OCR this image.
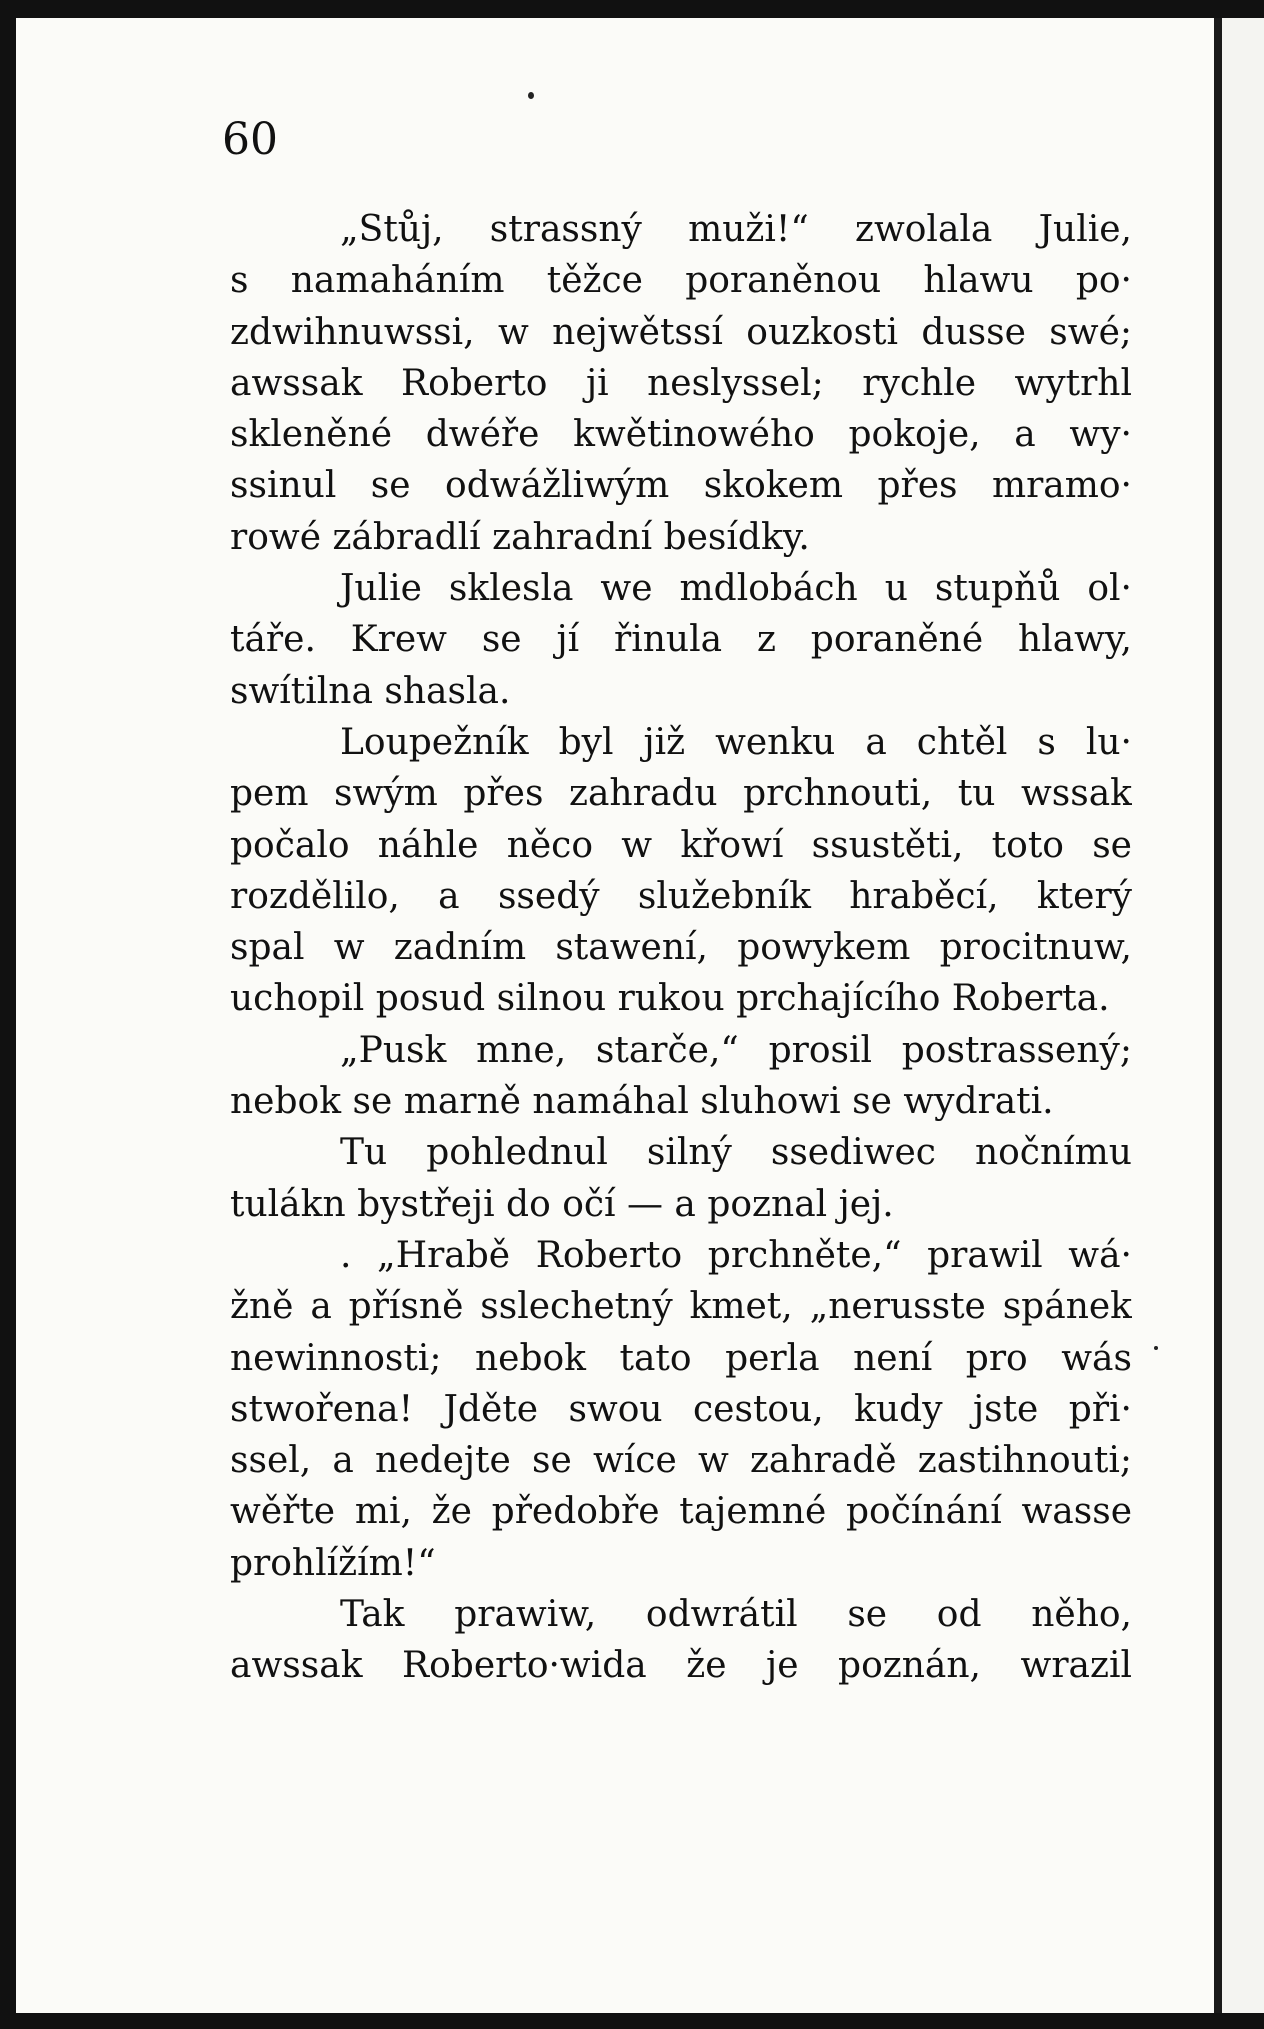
60

„Stůj, strassný muži!“ zwolala Julie,
s namaháním těžce poraněnou hlawu po·
zdwihnuwssi, w nejwětssí ouzkosti dusse swé;
awssak Roberto ji neslyssel; rychle wytrhl
skleněné dwéře kwětinowého pokoje, a wy·
ssinul se odwážliwým skokem přes mramo·
rowé zábradlí zahradní besídky.
Julie sklesla we mdlobách u stupňů ol·
táře. Krew se jí řinula z poraněné hlawy,
swítilna shasla.
Loupežník byl již wenku a chtěl s lu·
pem swým přes zahradu prchnouti, tu wssak
počalo náhle něco w křowí ssustěti, toto se
rozdělilo, a ssedý služebník hraběcí, který
spal w zadním stawení, powykem procitnuw,
uchopil posud silnou rukou prchajícího Roberta.
„Pusk mne, starče,“ prosil postrassený;
nebok se marně namáhal sluhowi se wydrati.
Tu pohlednul silný ssediwec nočnímu
tulákn bystřeji do očí — a poznal jej.
. „Hrabě Roberto prchněte,“ prawil wá·
žně a přísně sslechetný kmet, „nerusste spánek
newinnosti; nebok tato perla není pro wás
stwořena! Jděte swou cestou, kudy jste při·
ssel, a nedejte se wíce w zahradě zastihnouti;
wěřte mi, že předobře tajemné počínání wasse
prohlížím!“
Tak prawiw, odwrátil se od něho,
awssak Roberto·wida že je poznán, wrazil
